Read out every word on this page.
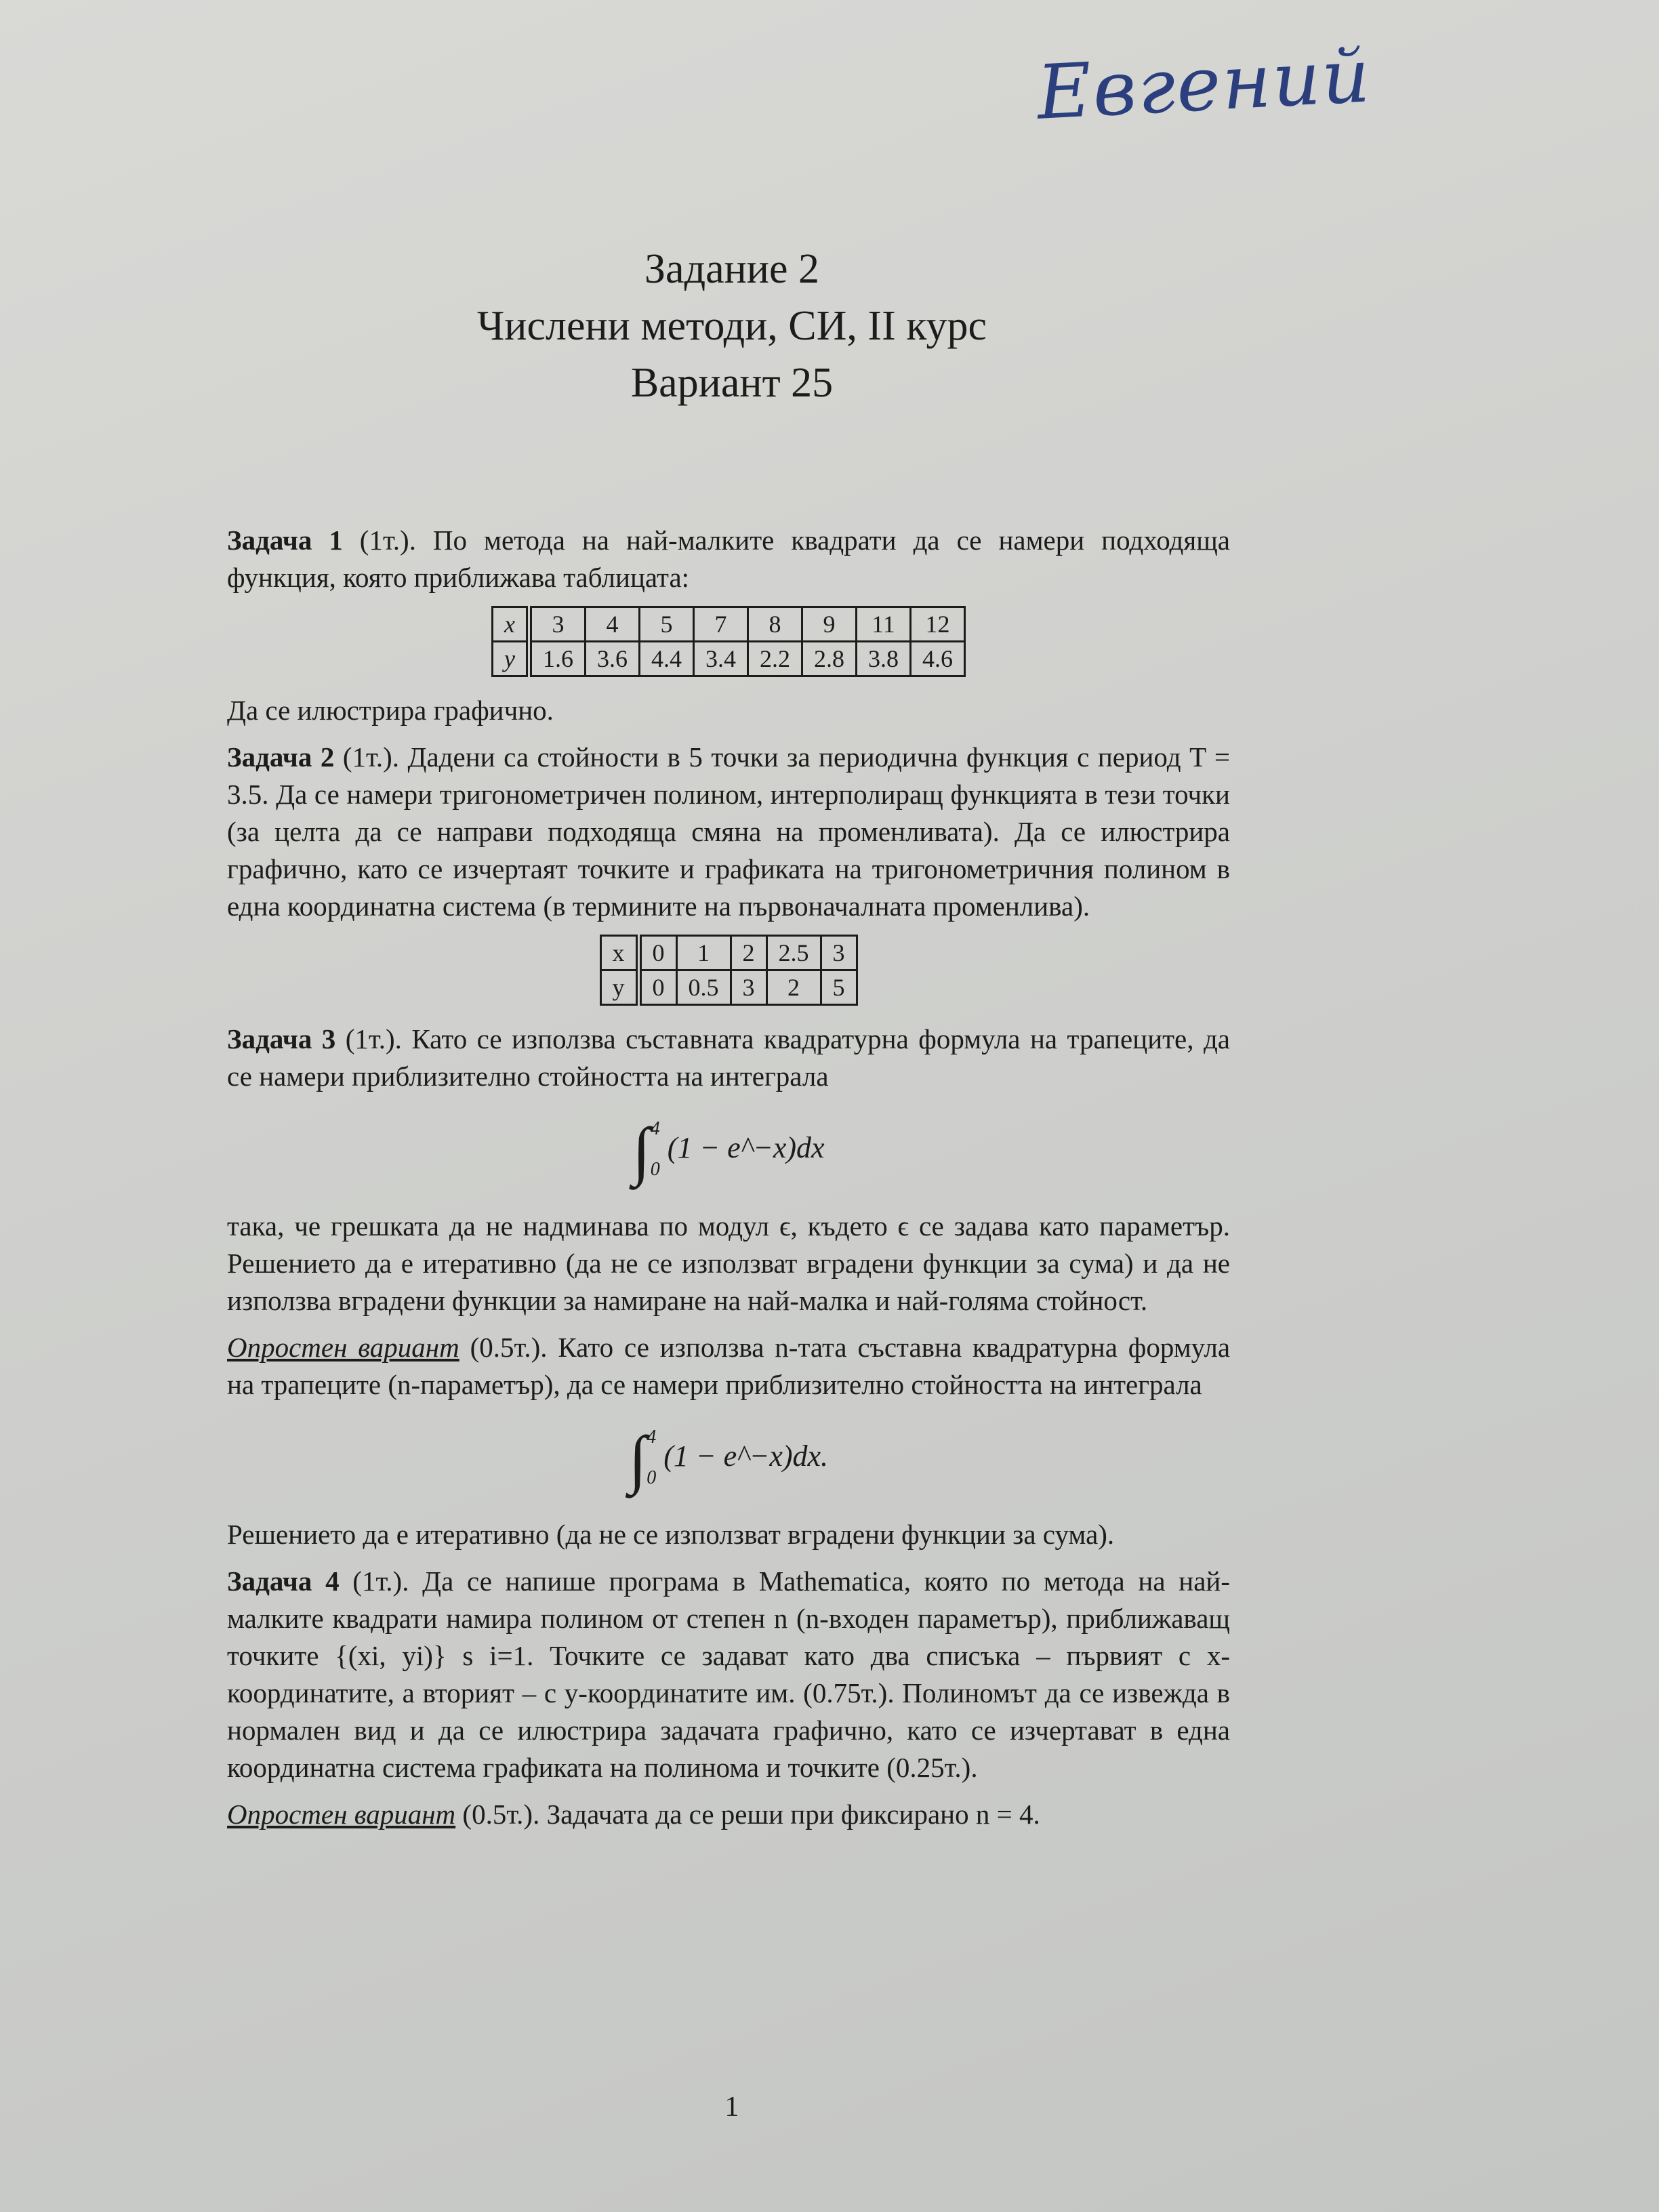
Евгений
Задание 2
Числени методи, СИ, II курс
Вариант 25
Задача 1 (1т.). По метода на най-малките квадрати да се намери подходяща функция, която приближава таблицата:
x	3	4	5	7	8	9	11	12
y	1.6	3.6	4.4	3.4	2.2	2.8	3.8	4.6
Да се илюстрира графично.
Задача 2 (1т.). Дадени са стойности в 5 точки за периодична функция с период T = 3.5. Да се намери тригонометричен полином, интерполиращ функцията в тези точки (за целта да се направи подходяща смяна на променливата). Да се илюстрира графично, като се изчертаят точките и графиката на тригонометричния полином в една координатна система (в термините на първоначалната променлива).
x	0	1	2	2.5	3
y	0	0.5	3	2	5
Задача 3 (1т.). Като се използва съставната квадратурна формула на трапеците, да се намери приблизително стойността на интеграла
∫4
0 (1 − e^−x)dx
така, че грешката да не надминава по модул ϵ, където ϵ се задава като параметър. Решението да е итеративно (да не се използват вградени функции за сума) и да не използва вградени функции за намиране на най-малка и най-голяма стойност.
Опростен вариант (0.5т.). Като се използва n-тата съставна квадратурна формула на трапеците (n-параметър), да се намери приблизително стойността на интеграла
∫4
0 (1 − e^−x)dx.
Решението да е итеративно (да не се използват вградени функции за сума).
Задача 4 (1т.). Да се напише програма в Mathematica, която по метода на най-малките квадрати намира полином от степен n (n-входен параметър), приближаващ точките {(xi, yi)} s i=1. Точките се задават като два списъка – първият с x-координатите, а вторият – с y-координатите им. (0.75т.). Полиномът да се извежда в нормален вид и да се илюстрира задачата графично, като се изчертават в една координатна система графиката на полинома и точките (0.25т.).
Опростен вариант (0.5т.). Задачата да се реши при фиксирано n = 4.
1
